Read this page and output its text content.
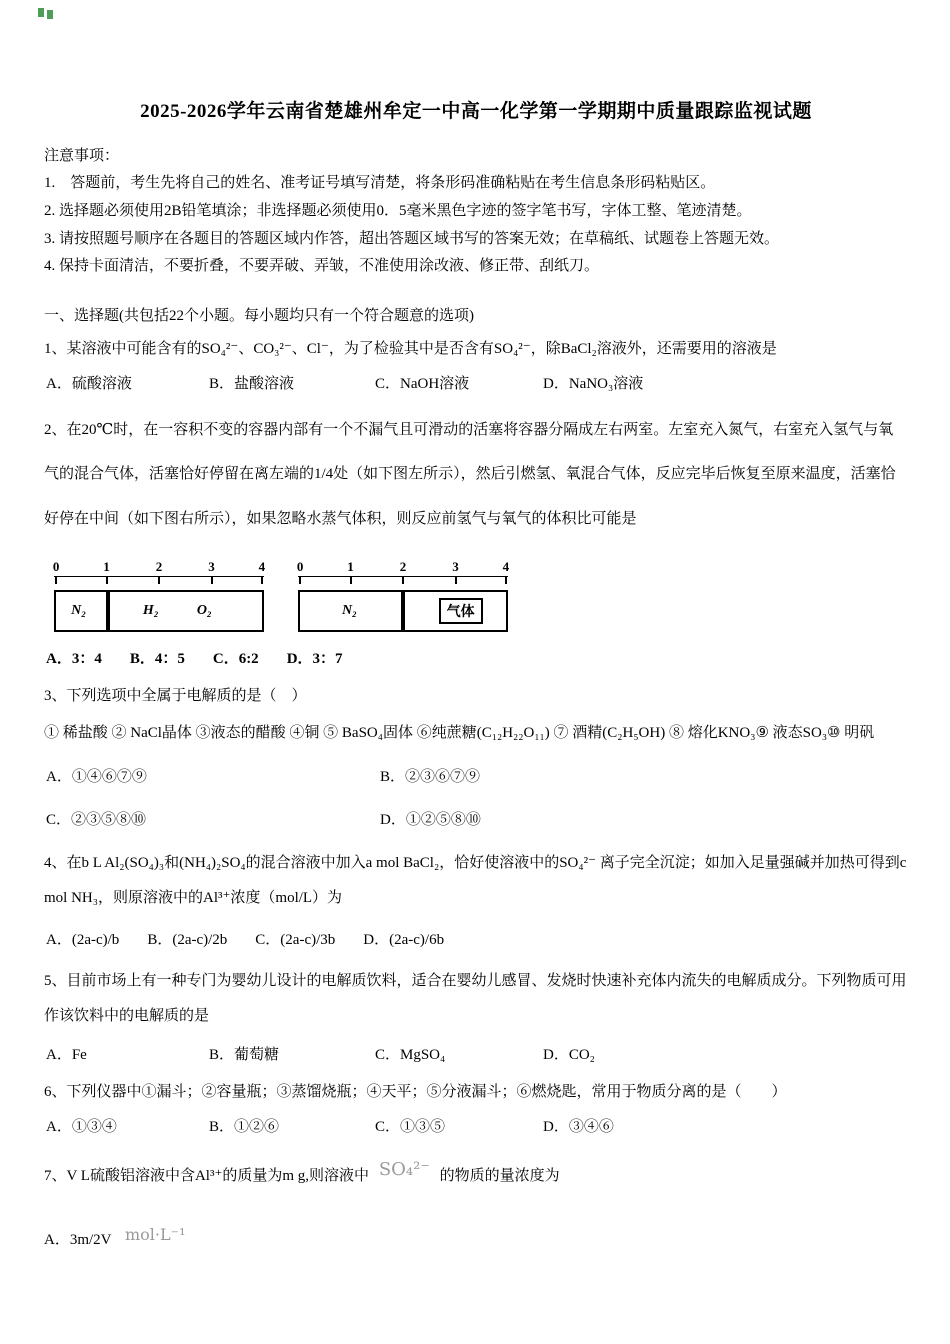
2025-2026学年云南省楚雄州牟定一中高一化学第一学期期中质量跟踪监视试题
注意事项：
1.　答题前，考生先将自己的姓名、准考证号填写清楚，将条形码准确粘贴在考生信息条形码粘贴区。
2. 选择题必须使用2B铅笔填涂；非选择题必须使用0．5毫米黑色字迹的签字笔书写，字体工整、笔迹清楚。
3. 请按照题号顺序在各题目的答题区域内作答，超出答题区域书写的答案无效；在草稿纸、试题卷上答题无效。
4. 保持卡面清洁，不要折叠，不要弄破、弄皱，不准使用涂改液、修正带、刮纸刀。
一、选择题(共包括22个小题。每小题均只有一个符合题意的选项)
1、某溶液中可能含有的SO₄²⁻、CO₃²⁻、Cl⁻，为了检验其中是否含有SO₄²⁻，除BaCl₂溶液外，还需要用的溶液是
A．硫酸溶液	B．盐酸溶液	C．NaOH溶液	D．NaNO₃溶液
2、在20℃时，在一容积不变的容器内部有一个不漏气且可滑动的活塞将容器分隔成左右两室。左室充入氮气，右室充入氢气与氧气的混合气体，活塞恰好停留在离左端的1/4处（如下图左所示），然后引燃氢、氧混合气体，反应完毕后恢复至原来温度，活塞恰好停在中间（如下图右所示），如果忽略水蒸气体积，则反应前氢气与氧气的体积比可能是
0	1	2	3	4
N₂	H₂	O₂
0	1	2	3	4
N₂	气体
A．3：4 B．4：5 C．6:2 D．3：7
3、下列选项中全属于电解质的是（　）
① 稀盐酸 ② NaCl晶体 ③液态的醋酸 ④铜 ⑤ BaSO₄固体 ⑥纯蔗糖(C₁₂H₂₂O₁₁) ⑦ 酒精(C₂H₅OH) ⑧ 熔化KNO₃⑨ 液态SO₃⑩ 明矾
A．①④⑥⑦⑨	B．②③⑥⑦⑨
C．②③⑤⑧⑩	D．①②⑤⑧⑩
4、在b L Al₂(SO₄)₃和(NH₄)₂SO₄的混合溶液中加入a mol BaCl₂，恰好使溶液中的SO₄²⁻ 离子完全沉淀；如加入足量强碱并加热可得到c mol NH₃，则原溶液中的Al³⁺浓度（mol/L）为
A．(2a-c)/b B．(2a-c)/2b C．(2a-c)/3b D．(2a-c)/6b
5、目前市场上有一种专门为婴幼儿设计的电解质饮料，适合在婴幼儿感冒、发烧时快速补充体内流失的电解质成分。下列物质可用作该饮料中的电解质的是
A．Fe	B．葡萄糖	C．MgSO₄	D．CO₂
6、下列仪器中①漏斗；②容量瓶；③蒸馏烧瓶；④天平；⑤分液漏斗；⑥燃烧匙，常用于物质分离的是（　　）
A．①③④	B．①②⑥	C．①③⑤	D．③④⑥
7、V L硫酸铝溶液中含Al³⁺的质量为m g,则溶液中 SO₄²⁻ 的物质的量浓度为
A．3m/2V mol·L⁻¹
